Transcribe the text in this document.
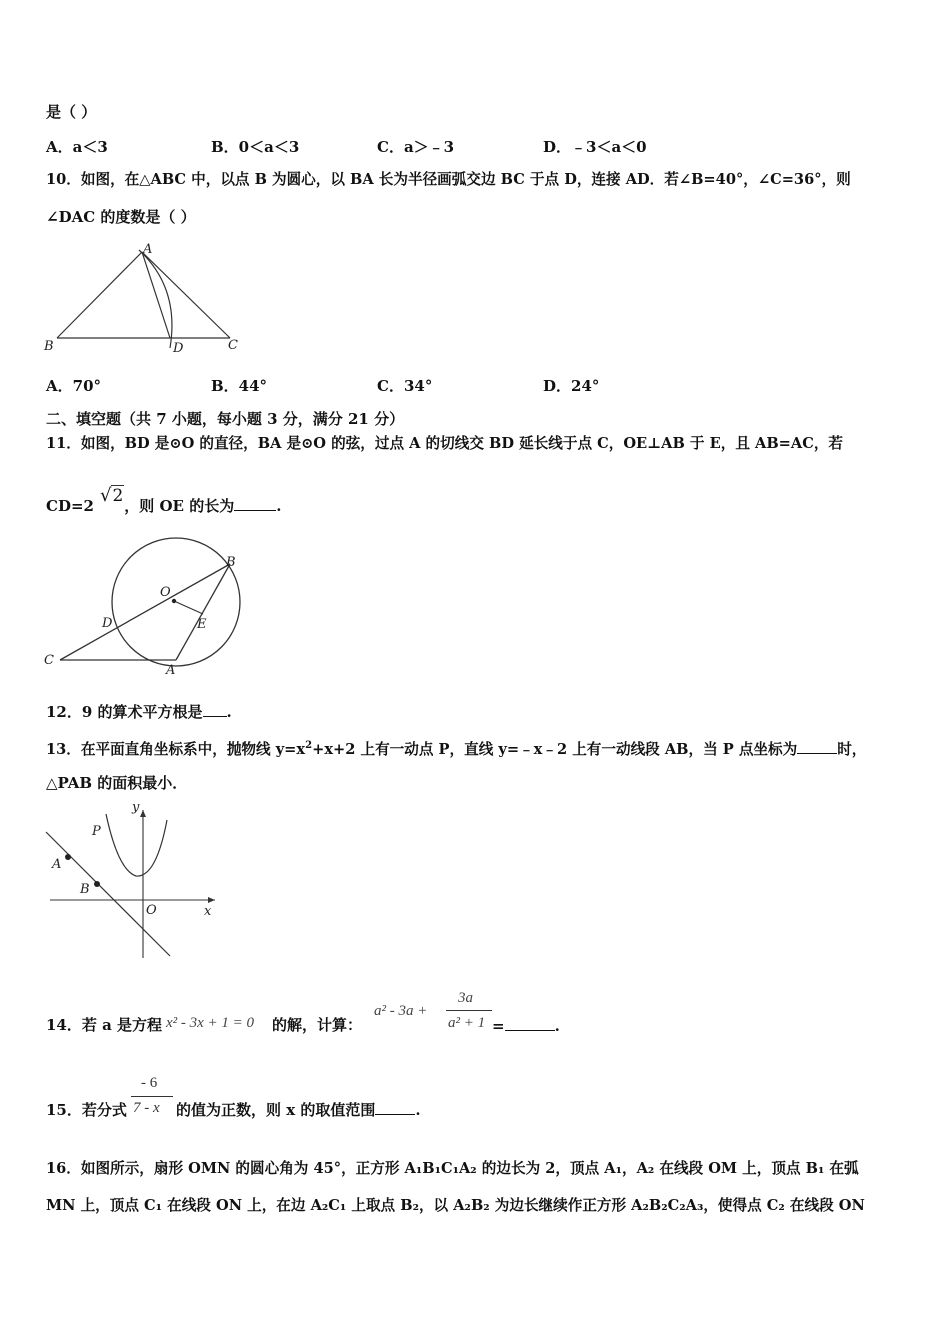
是（ ）
A．a＜3	B．0＜a＜3	C．a＞﹣3	D．﹣3＜a＜0
10．如图，在△ABC 中，以点 B 为圆心，以 BA 长为半径画弧交边 BC 于点 D，连接 AD．若∠B=40°，∠C=36°，则
∠DAC 的度数是（ ）
A
B	C
D
A．70°	B．44°	C．34°	D．24°
二、填空题（共 7 小题，每小题 3 分，满分 21 分）
11．如图，BD 是⊙O 的直径，BA 是⊙O 的弦，过点 A 的切线交 BD 延长线于点 C，OE⊥AB 于 E，且 AB=AC，若
CD=2 √2，则 OE 的长为	.
B
O
D	E
C
A
12．9 的算术平方根是 .
13．在平面直角坐标系中，抛物线 $y=x^2+x+2$ 上有一动点 P，直线 y=﹣x﹣2 上有一动线段 AB，当 P 点坐标为	时，
△PAB 的面积最小．
y
P
A
B
O	x
14．若 a 是方程 x² - 3x + 1 = 0 的解，计算：
a² - 3a +
3a
a² + 1 =	.
15．若分式
- 6
7 - x 的值为正数，则 x 的取值范围	.
16．如图所示，扇形 OMN 的圆心角为 45°，正方形 A₁B₁C₁A₂ 的边长为 2，顶点 A₁，A₂ 在线段 OM 上，顶点 B₁ 在弧
MN 上，顶点 C₁ 在线段 ON 上，在边 A₂C₁ 上取点 B₂，以 A₂B₂ 为边长继续作正方形 A₂B₂C₂A₃，使得点 C₂ 在线段 ON
